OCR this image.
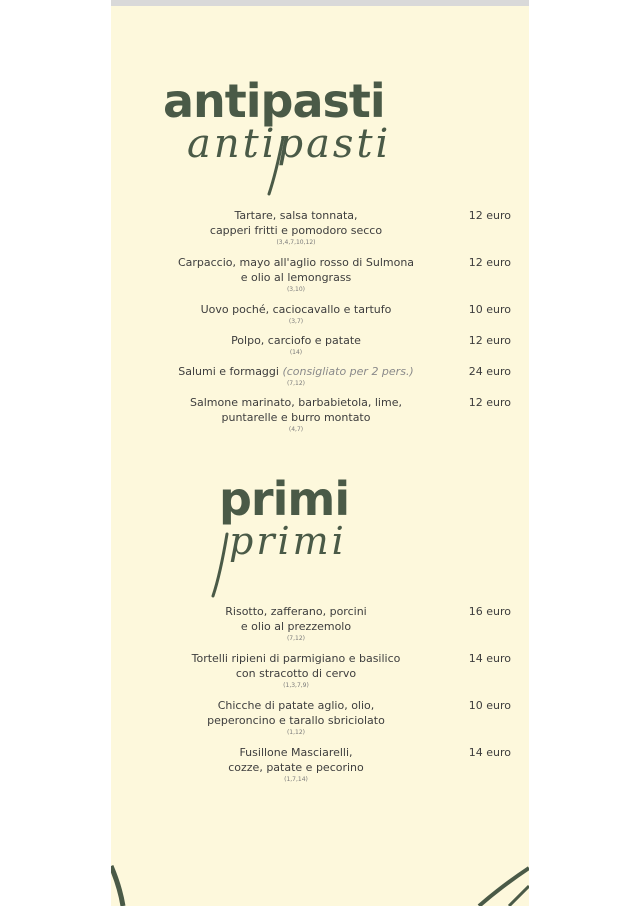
antipasti
antipasti
Tartare, salsa tonnata,
capperi fritti e pomodoro secco
(3,4,7,10,12)
12 euro
Carpaccio, mayo all'aglio rosso di Sulmona
e olio al lemongrass
(3,10)
12 euro
Uovo poché, caciocavallo e tartufo
(3,7)
10 euro
Polpo, carciofo e patate
(14)
12 euro
Salumi e formaggi (consigliato per 2 pers.)
(7,12)
24 euro
Salmone marinato, barbabietola, lime,
puntarelle e burro montato
(4,7)
12 euro
primi
primi
Risotto, zafferano, porcini
e olio al prezzemolo
(7,12)
16 euro
Tortelli ripieni di parmigiano e basilico
con stracotto di cervo
(1,3,7,9)
14 euro
Chicche di patate aglio, olio,
peperoncino e tarallo sbriciolato
(1,12)
10 euro
Fusillone Masciarelli,
cozze, patate e pecorino
(1,7,14)
14 euro
